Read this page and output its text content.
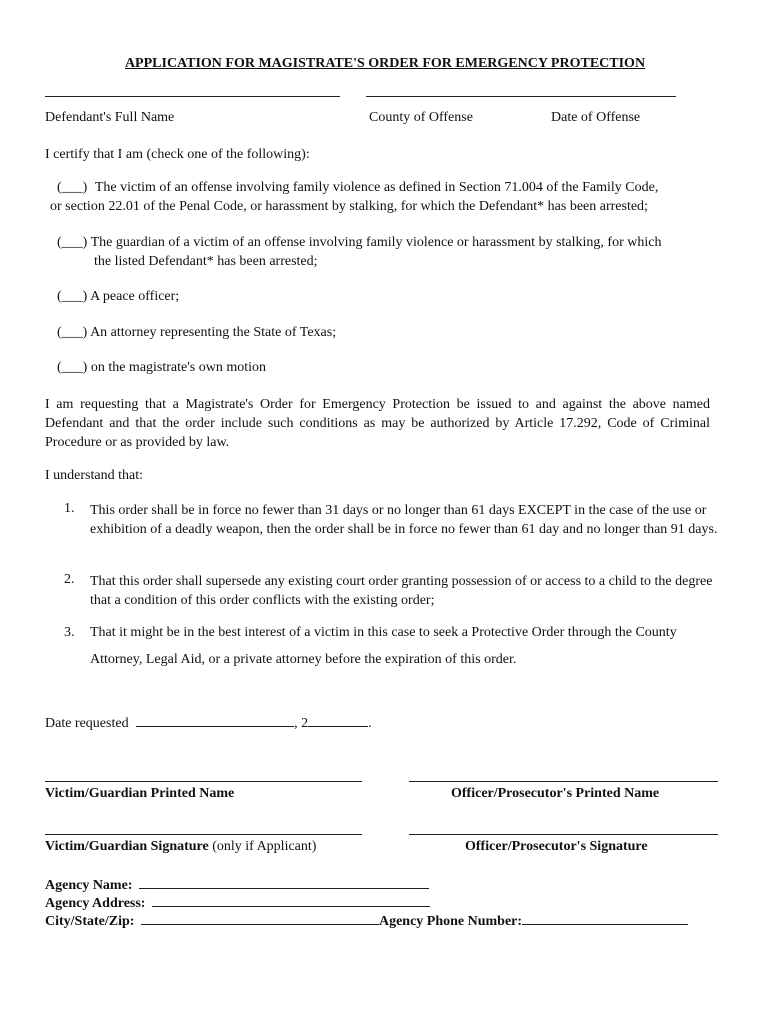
APPLICATION FOR MAGISTRATE'S ORDER FOR EMERGENCY PROTECTION
Defendant's Full Name	County of Offense	Date of Offense
I certify that I am (check one of the following):
(___) The victim of an offense involving family violence as defined in Section 71.004 of the Family Code,
or section 22.01 of the Penal Code, or harassment by stalking, for which the Defendant* has been arrested;
(___) The guardian of a victim of an offense involving family violence or harassment by stalking, for which
the listed Defendant* has been arrested;
(___) A peace officer;
(___) An attorney representing the State of Texas;
(___) on the magistrate's own motion
I am requesting that a Magistrate's Order for Emergency Protection be issued to and against the above named Defendant and that the order include such conditions as may be authorized by Article 17.292, Code of Criminal Procedure or as provided by law.
I understand that:
1. This order shall be in force no fewer than 31 days or no longer than 61 days EXCEPT in the case of the use or exhibition of a deadly weapon, then the order shall be in force no fewer than 61 day and no longer than 91 days.
2. That this order shall supersede any existing court order granting possession of or access to a child to the degree that a condition of this order conflicts with the existing order;
3. That it might be in the best interest of a victim in this case to seek a Protective Order through the County
Attorney, Legal Aid, or a private attorney before the expiration of this order.
Date requested	, 2	.
Victim/Guardian Printed Name	Officer/Prosecutor's Printed Name
Victim/Guardian Signature (only if Applicant)	Officer/Prosecutor's Signature
Agency Name:
Agency Address:
City/State/Zip:	Agency Phone Number:
